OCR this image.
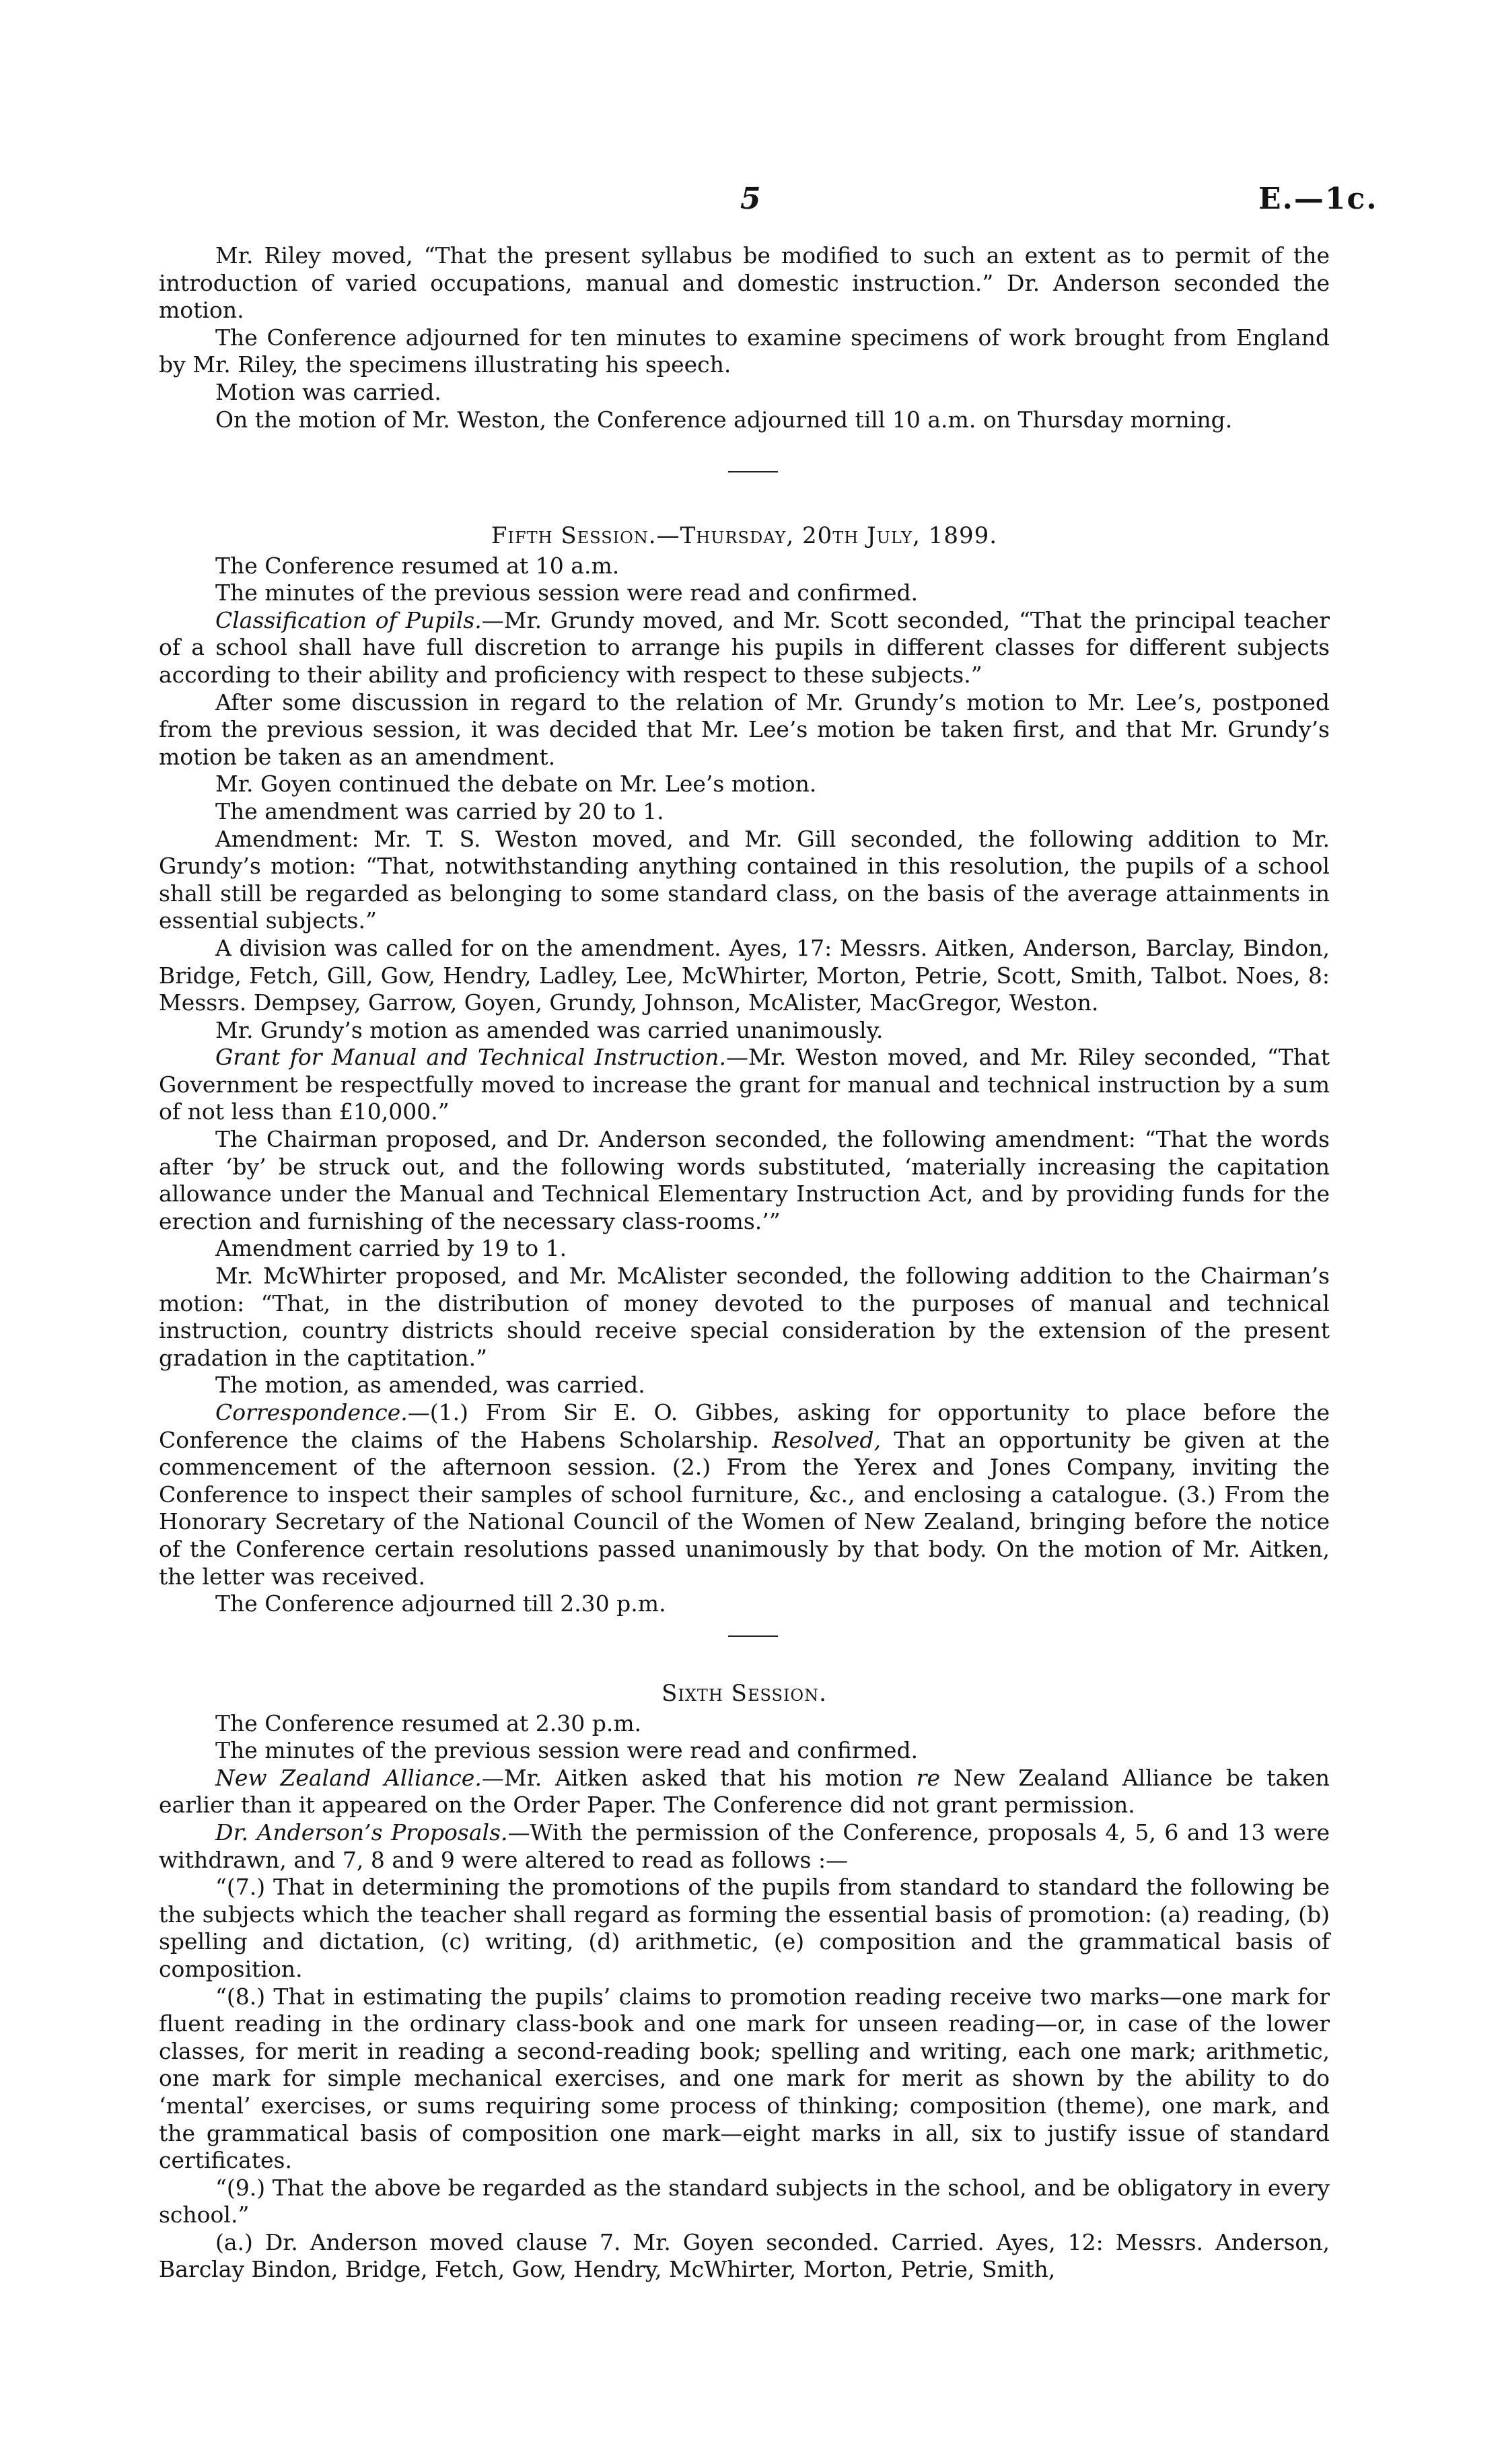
5	E.—1c.

Mr. Riley moved, “That the present syllabus be modified to such an extent as to permit of the introduction of varied occupations, manual and domestic instruction.” Dr. Anderson seconded the motion.

The Conference adjourned for ten minutes to examine specimens of work brought from England by Mr. Riley, the specimens illustrating his speech.

Motion was carried.

On the motion of Mr. Weston, the Conference adjourned till 10 a.m. on Thursday morning.

Fifth Session.—Thursday, 20th July, 1899.

The Conference resumed at 10 a.m.

The minutes of the previous session were read and confirmed.

Classification of Pupils.—Mr. Grundy moved, and Mr. Scott seconded, “That the principal teacher of a school shall have full discretion to arrange his pupils in different classes for different subjects according to their ability and proficiency with respect to these subjects.”

After some discussion in regard to the relation of Mr. Grundy’s motion to Mr. Lee’s, postponed from the previous session, it was decided that Mr. Lee’s motion be taken first, and that Mr. Grundy’s motion be taken as an amendment.

Mr. Goyen continued the debate on Mr. Lee’s motion.

The amendment was carried by 20 to 1.

Amendment: Mr. T. S. Weston moved, and Mr. Gill seconded, the following addition to Mr. Grundy’s motion: “That, notwithstanding anything contained in this resolution, the pupils of a school shall still be regarded as belonging to some standard class, on the basis of the average attainments in essential subjects.”

A division was called for on the amendment. Ayes, 17: Messrs. Aitken, Anderson, Barclay, Bindon, Bridge, Fetch, Gill, Gow, Hendry, Ladley, Lee, McWhirter, Morton, Petrie, Scott, Smith, Talbot. Noes, 8: Messrs. Dempsey, Garrow, Goyen, Grundy, Johnson, McAlister, MacGregor, Weston.

Mr. Grundy’s motion as amended was carried unanimously.

Grant for Manual and Technical Instruction.—Mr. Weston moved, and Mr. Riley seconded, “That Government be respectfully moved to increase the grant for manual and technical instruction by a sum of not less than £10,000.”

The Chairman proposed, and Dr. Anderson seconded, the following amendment: “That the words after ‘by’ be struck out, and the following words substituted, ‘materially increasing the capitation allowance under the Manual and Technical Elementary Instruction Act, and by providing funds for the erection and furnishing of the necessary class-rooms.’”

Amendment carried by 19 to 1.

Mr. McWhirter proposed, and Mr. McAlister seconded, the following addition to the Chairman’s motion: “That, in the distribution of money devoted to the purposes of manual and technical instruction, country districts should receive special consideration by the extension of the present gradation in the captitation.”

The motion, as amended, was carried.

Correspondence.—(1.) From Sir E. O. Gibbes, asking for opportunity to place before the Conference the claims of the Habens Scholarship. Resolved, That an opportunity be given at the commencement of the afternoon session. (2.) From the Yerex and Jones Company, inviting the Conference to inspect their samples of school furniture, &c., and enclosing a catalogue. (3.) From the Honorary Secretary of the National Council of the Women of New Zealand, bringing before the notice of the Conference certain resolutions passed unanimously by that body. On the motion of Mr. Aitken, the letter was received.

The Conference adjourned till 2.30 p.m.

Sixth Session.

The Conference resumed at 2.30 p.m.

The minutes of the previous session were read and confirmed.

New Zealand Alliance.—Mr. Aitken asked that his motion re New Zealand Alliance be taken earlier than it appeared on the Order Paper. The Conference did not grant permission.

Dr. Anderson’s Proposals.—With the permission of the Conference, proposals 4, 5, 6 and 13 were withdrawn, and 7, 8 and 9 were altered to read as follows :—

“(7.) That in determining the promotions of the pupils from standard to standard the following be the subjects which the teacher shall regard as forming the essential basis of promotion: (a) reading, (b) spelling and dictation, (c) writing, (d) arithmetic, (e) composition and the grammatical basis of composition.

“(8.) That in estimating the pupils’ claims to promotion reading receive two marks—one mark for fluent reading in the ordinary class-book and one mark for unseen reading—or, in case of the lower classes, for merit in reading a second-reading book; spelling and writing, each one mark; arithmetic, one mark for simple mechanical exercises, and one mark for merit as shown by the ability to do ‘mental’ exercises, or sums requiring some process of thinking; composition (theme), one mark, and the grammatical basis of composition one mark—eight marks in all, six to justify issue of standard certificates.

“(9.) That the above be regarded as the standard subjects in the school, and be obligatory in every school.”

(a.) Dr. Anderson moved clause 7. Mr. Goyen seconded. Carried. Ayes, 12: Messrs. Anderson, Barclay Bindon, Bridge, Fetch, Gow, Hendry, McWhirter, Morton, Petrie, Smith,
